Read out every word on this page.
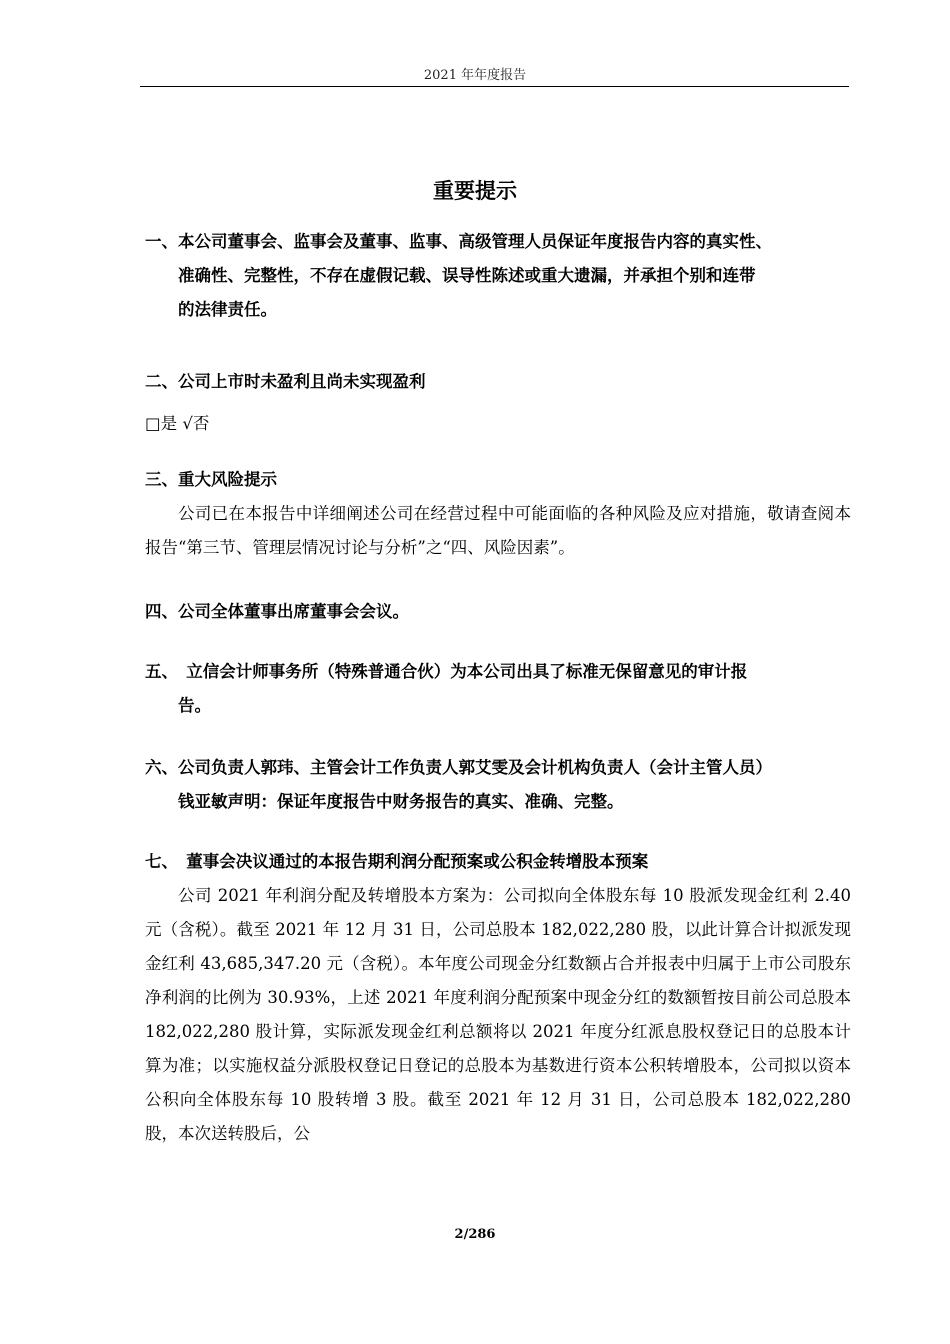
2021 年年度报告
重要提示
一、本公司董事会、监事会及董事、监事、高级管理人员保证年度报告内容的真实性、

准确性、完整性，不存在虚假记载、误导性陈述或重大遗漏，并承担个别和连带
的法律责任。

二、公司上市时未盈利且尚未实现盈利

□是 √否

三、重大风险提示

公司已在本报告中详细阐述公司在经营过程中可能面临的各种风险及应对措施，敬请查阅本报告“第三节、管理层情况讨论与分析”之“四、风险因素”。

四、公司全体董事出席董事会会议。

五、　立信会计师事务所（特殊普通合伙）为本公司出具了标准无保留意见的审计报

告。
六、公司负责人郭玮、主管会计工作负责人郭艾雯及会计机构负责人（会计主管人员）

钱亚敏声明：保证年度报告中财务报告的真实、准确、完整。

七、　董事会决议通过的本报告期利润分配预案或公积金转增股本预案

公司 2021 年利润分配及转增股本方案为：公司拟向全体股东每 10 股派发现金红利 2.40 元（含税）。截至 2021 年 12 月 31 日，公司总股本 182,022,280 股，以此计算合计拟派发现金红利 43,685,347.20 元（含税）。本年度公司现金分红数额占合并报表中归属于上市公司股东净利润的比例为 30.93%，上述 2021 年度利润分配预案中现金分红的数额暂按目前公司总股本 182,022,280 股计算，实际派发现金红利总额将以 2021 年度分红派息股权登记日的总股本计算为准；以实施权益分派股权登记日登记的总股本为基数进行资本公积转增股本，公司拟以资本公积向全体股东每 10 股转增 3 股。截至 2021 年 12 月 31 日，公司总股本 182,022,280 股，本次送转股后，公

2/286
